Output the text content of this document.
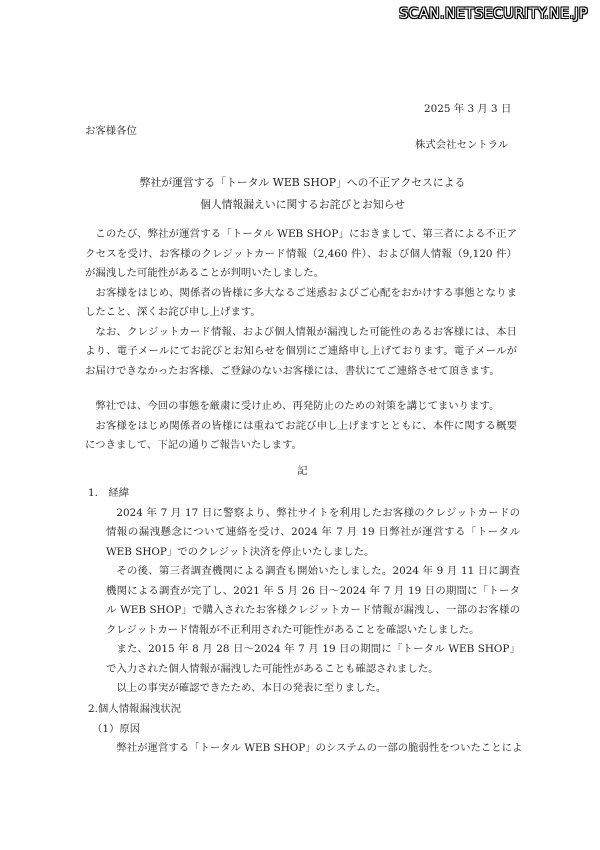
SCAN.NETSECURITY.NE.JP
2025 年 3 月 3 日
お客様各位
株式会社セントラル
弊社が運営する「トータル WEB SHOP」への不正アクセスによる
個人情報漏えいに関するお詫びとお知らせ

このたび、弊社が運営する「トータル WEB SHOP」におきまして、第三者による不正アクセスを受け、お客様のクレジットカード情報（2,460 件）、および個人情報（9,120 件）が漏洩した可能性があることが判明いたしました。

お客様をはじめ、関係者の皆様に多大なるご迷惑およびご心配をおかけする事態となりましたこと、深くお詫び申し上げます。

なお、クレジットカード情報、および個人情報が漏洩した可能性のあるお客様には、本日より、電子メールにてお詫びとお知らせを個別にご連絡申し上げております。電子メールがお届けできなかったお客様、ご登録のないお客様には、書状にてご連絡させて頂きます。

弊社では、今回の事態を厳粛に受け止め、再発防止のための対策を講じてまいります。

お客様をはじめ関係者の皆様には重ねてお詫び申し上げますとともに、本件に関する概要につきまして、下記の通りご報告いたします。

記

1.　経緯

2024 年 7 月 17 日に警察より、弊社サイトを利用したお客様のクレジットカードの情報の漏洩懸念について連絡を受け、2024 年 7 月 19 日弊社が運営する「トータル WEB SHOP」でのクレジット決済を停止いたしました。

その後、第三者調査機関による調査も開始いたしました。2024 年 9 月 11 日に調査機関による調査が完了し、2021 年 5 月 26 日～2024 年 7 月 19 日の期間に「トータル WEB SHOP」で購入されたお客様クレジットカード情報が漏洩し、一部のお客様のクレジットカード情報が不正利用された可能性があることを確認いたしました。

また、2015 年 8 月 28 日～2024 年 7 月 19 日の期間に「トータル WEB SHOP」で入力された個人情報が漏洩した可能性があることも確認されました。

以上の事実が確認できたため、本日の発表に至りました。

2.個人情報漏洩状況

（1）原因

弊社が運営する「トータル WEB SHOP」のシステムの一部の脆弱性をついたことによ
